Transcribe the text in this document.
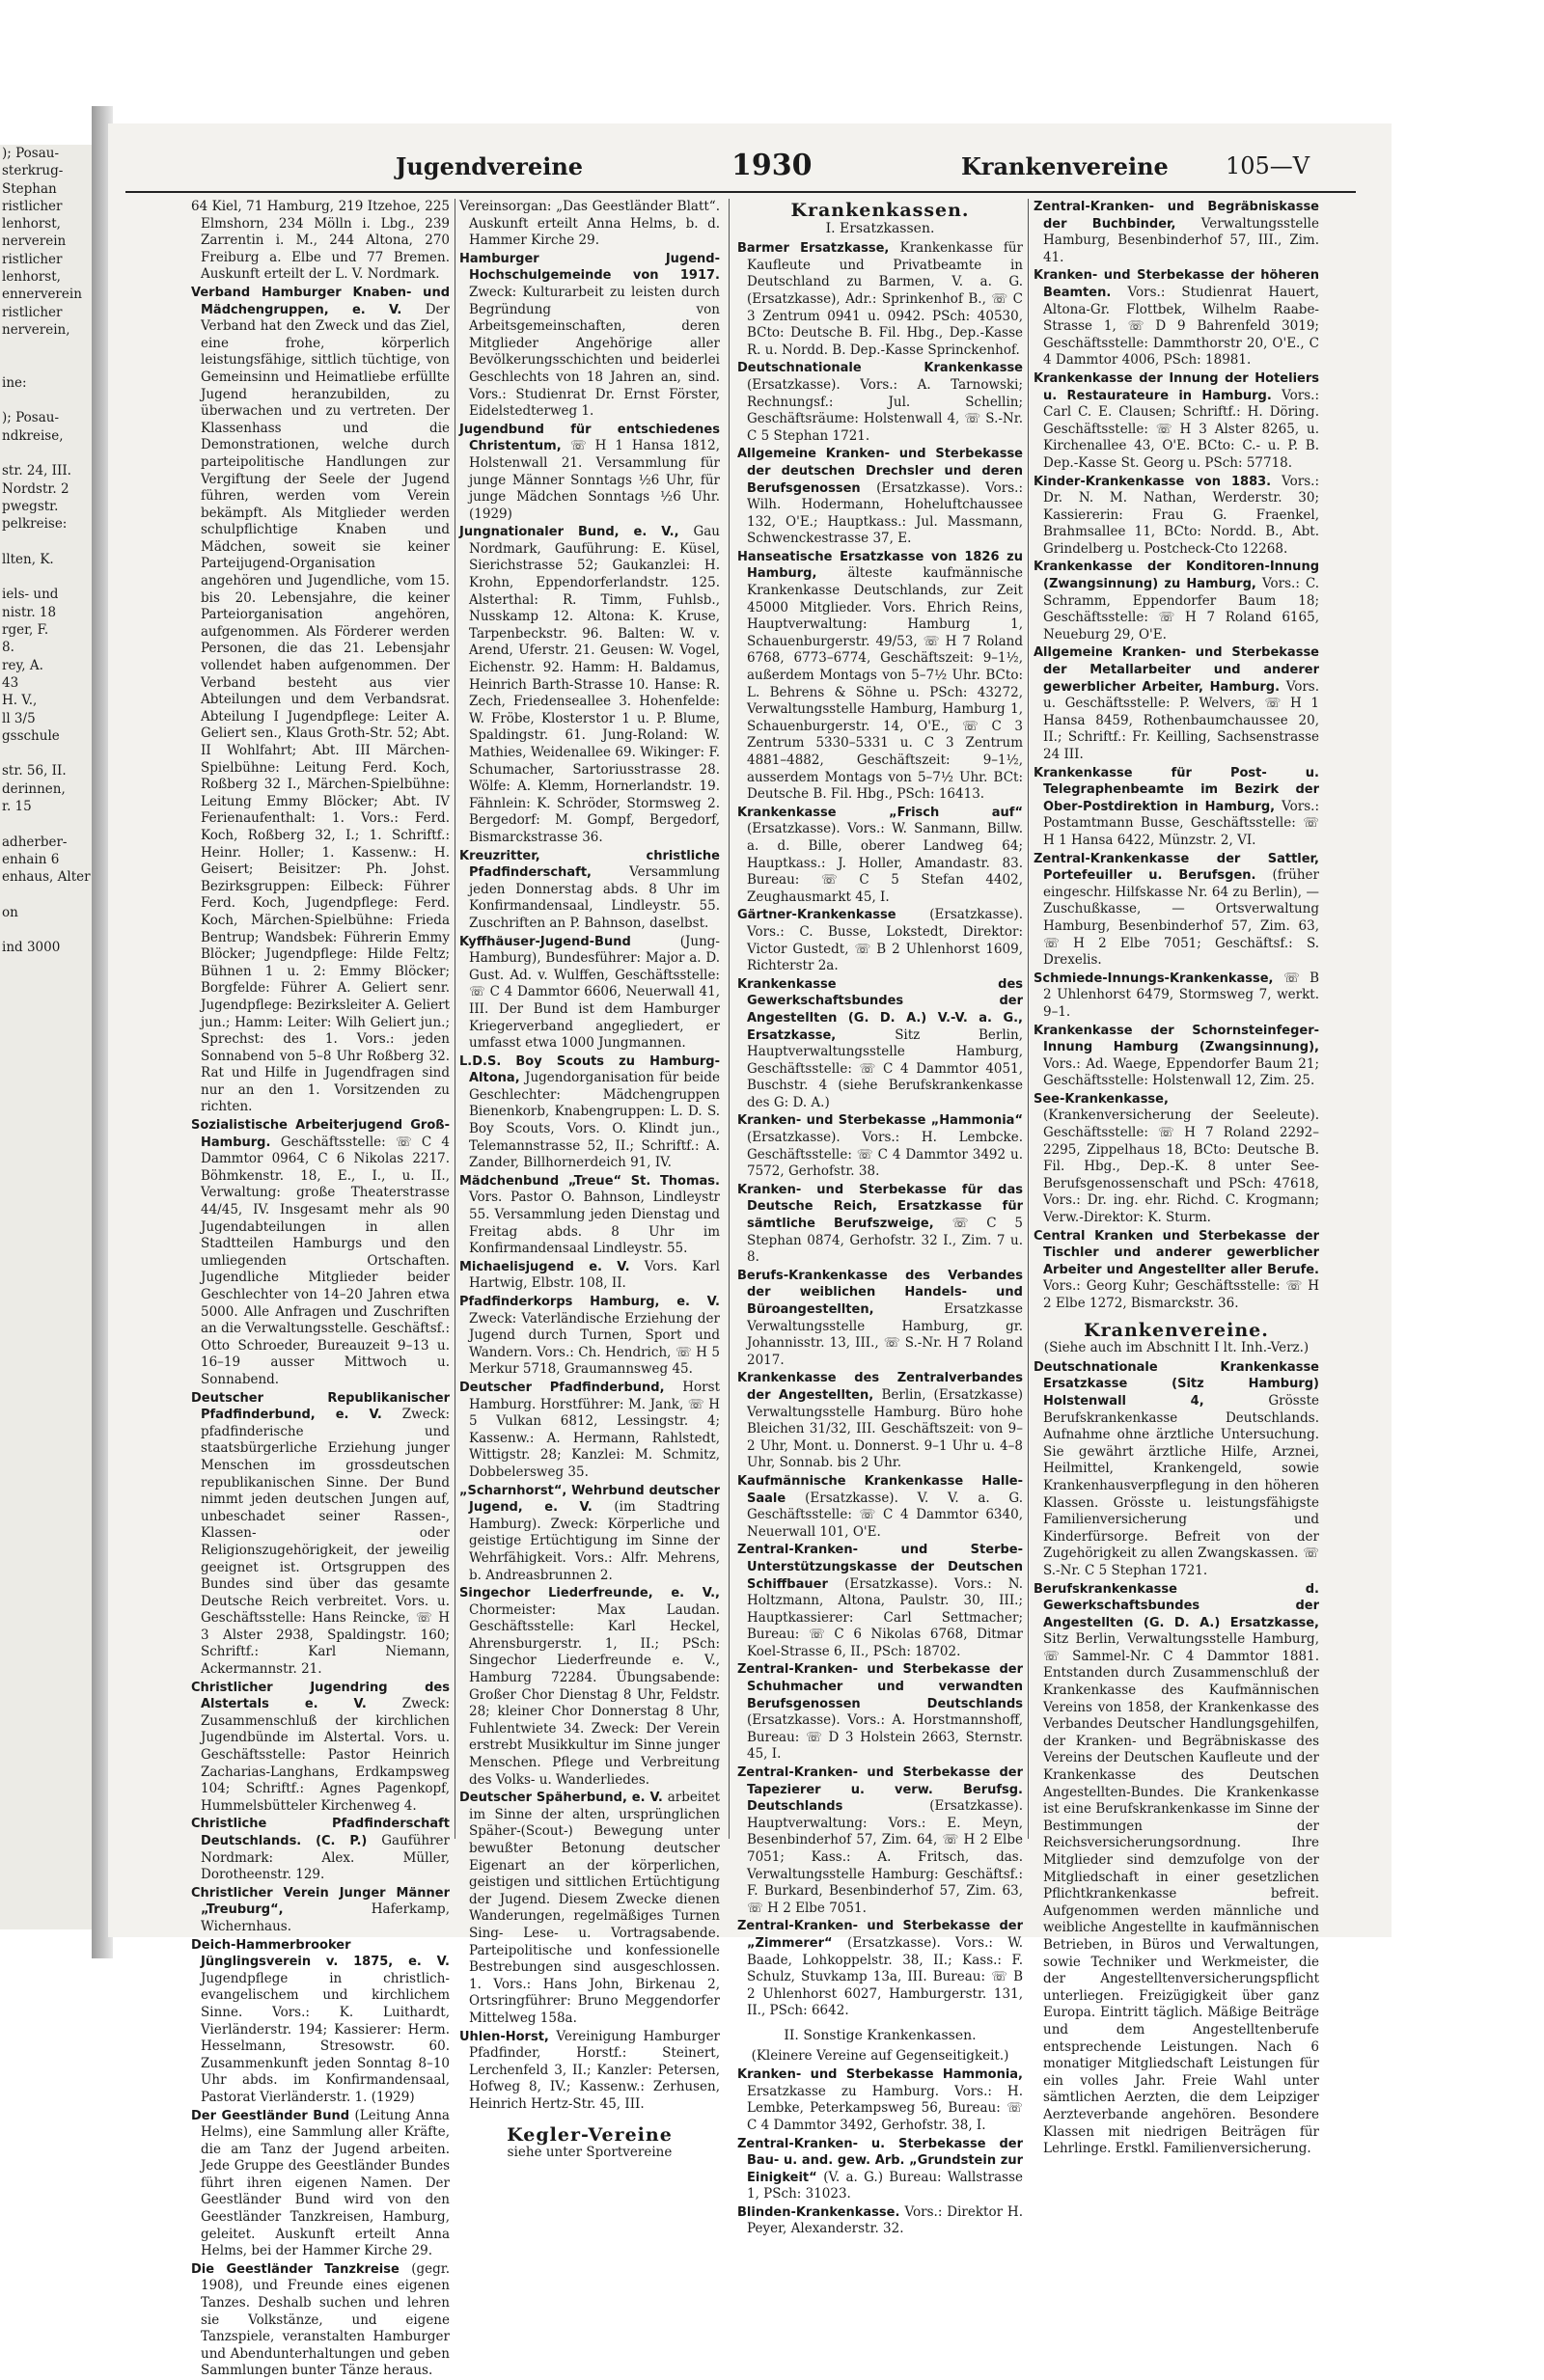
); Posau-
sterkrug-
Stephan
ristlicher
lenhorst,
nerverein
ristlicher
lenhorst,
ennerverein
ristlicher
nerverein,

ine:

); Posau-
ndkreise,

str. 24, III.
Nordstr. 2
pwegstr.
pelkreise:

llten, K.

iels- und
nistr. 18
rger, F.
8.
rey, A.
43
H. V.,
ll 3/5
gsschule

str. 56, II.
derinnen,
r. 15

adherber-
enhain 6
enhaus, Alter

on

ind 3000
Jugendvereine	1930	Krankenvereine 105—V
64 Kiel, 71 Hamburg, 219 Itzehoe, 225 Elmshorn, 234 Mölln i. Lbg., 239 Zarrentin i. M., 244 Altona, 270 Freiburg a. Elbe und 77 Bremen. Auskunft erteilt der L. V. Nordmark.
Verband Hamburger Knaben- und Mädchengruppen, e. V. Der Verband hat den Zweck und das Ziel, eine frohe, körperlich leistungsfähige, sittlich tüchtige, von Gemeinsinn und Heimatliebe erfüllte Jugend heranzubilden, zu überwachen und zu vertreten. Der Klassenhass und die Demonstrationen, welche durch parteipolitische Handlungen zur Vergiftung der Seele der Jugend führen, werden vom Verein bekämpft. Als Mitglieder werden schulpflichtige Knaben und Mädchen, soweit sie keiner Parteijugend-Organisation angehören und Jugendliche, vom 15. bis 20. Lebensjahre, die keiner Parteiorganisation angehören, aufgenommen. Als Förderer werden Personen, die das 21. Lebensjahr vollendet haben aufgenommen. Der Verband besteht aus vier Abteilungen und dem Verbandsrat. Abteilung I Jugendpflege: Leiter A. Geliert sen., Klaus Groth-Str. 52; Abt. II Wohlfahrt; Abt. III Märchen-Spielbühne: Leitung Ferd. Koch, Roßberg 32 I., Märchen-Spielbühne: Leitung Emmy Blöcker; Abt. IV Ferienaufenthalt: 1. Vors.: Ferd. Koch, Roßberg 32, I.; 1. Schriftf.: Heinr. Holler; 1. Kassenw.: H. Geisert; Beisitzer: Ph. Johst. Bezirksgruppen: Eilbeck: Führer Ferd. Koch, Jugendpflege: Ferd. Koch, Märchen-Spielbühne: Frieda Bentrup; Wandsbek: Führerin Emmy Blöcker; Jugendpflege: Hilde Feltz; Bühnen 1 u. 2: Emmy Blöcker; Borgfelde: Führer A. Geliert senr. Jugendpflege: Bezirksleiter A. Geliert jun.; Hamm: Leiter: Wilh Geliert jun.; Sprechst: des 1. Vors.: jeden Sonnabend von 5–8 Uhr Roßberg 32. Rat und Hilfe in Jugendfragen sind nur an den 1. Vorsitzenden zu richten.
Sozialistische Arbeiterjugend Groß-Hamburg. Geschäftsstelle: ☏ C 4 Dammtor 0964, C 6 Nikolas 2217. Böhmkenstr. 18, E., I., u. II., Verwaltung: große Theaterstrasse 44/45, IV. Insgesamt mehr als 90 Jugendabteilungen in allen Stadtteilen Hamburgs und den umliegenden Ortschaften. Jugendliche Mitglieder beider Geschlechter von 14–20 Jahren etwa 5000. Alle Anfragen und Zuschriften an die Verwaltungsstelle. Geschäftsf.: Otto Schroeder, Bureauzeit 9–13 u. 16–19 ausser Mittwoch u. Sonnabend.
Deutscher Republikanischer Pfadfinderbund, e. V. Zweck: pfadfinderische und staatsbürgerliche Erziehung junger Menschen im grossdeutschen republikanischen Sinne. Der Bund nimmt jeden deutschen Jungen auf, unbeschadet seiner Rassen-, Klassen- oder Religionszugehörigkeit, der jeweilig geeignet ist. Ortsgruppen des Bundes sind über das gesamte Deutsche Reich verbreitet. Vors. u. Geschäftsstelle: Hans Reincke, ☏ H 3 Alster 2938, Spaldingstr. 160; Schriftf.: Karl Niemann, Ackermannstr. 21.
Christlicher Jugendring des Alstertals e. V. Zweck: Zusammenschluß der kirchlichen Jugendbünde im Alstertal. Vors. u. Geschäftsstelle: Pastor Heinrich Zacharias-Langhans, Erdkampsweg 104; Schriftf.: Agnes Pagenkopf, Hummelsbütteler Kirchenweg 4.
Christliche Pfadfinderschaft Deutschlands. (C. P.) Gauführer Nordmark: Alex. Müller, Dorotheenstr. 129.
Christlicher Verein Junger Männer „Treuburg“, Haferkamp, Wichernhaus.
Deich-Hammerbrooker Jünglingsverein v. 1875, e. V. Jugendpflege in christlich-evangelischem und kirchlichem Sinne. Vors.: K. Luithardt, Vierländerstr. 194; Kassierer: Herm. Hesselmann, Stresowstr. 60. Zusammenkunft jeden Sonntag 8–10 Uhr abds. im Konfirmandensaal, Pastorat Vierländerstr. 1. (1929)
Der Geestländer Bund (Leitung Anna Helms), eine Sammlung aller Kräfte, die am Tanz der Jugend arbeiten. Jede Gruppe des Geestländer Bundes führt ihren eigenen Namen. Der Geestländer Bund wird von den Geestländer Tanzkreisen, Hamburg, geleitet. Auskunft erteilt Anna Helms, bei der Hammer Kirche 29.
Die Geestländer Tanzkreise (gegr. 1908), und Freunde eines eigenen Tanzes. Deshalb suchen und lehren sie Volkstänze, und eigene Tanzspiele, veranstalten Hamburger und Abendunterhaltungen und geben Sammlungen bunter Tänze heraus.
Vereinsorgan: „Das Geestländer Blatt“. Auskunft erteilt Anna Helms, b. d. Hammer Kirche 29.
Hamburger Jugend-Hochschulgemeinde von 1917. Zweck: Kulturarbeit zu leisten durch Begründung von Arbeitsgemeinschaften, deren Mitglieder Angehörige aller Bevölkerungsschichten und beiderlei Geschlechts von 18 Jahren an, sind. Vors.: Studienrat Dr. Ernst Förster, Eidelstedterweg 1.
Jugendbund für entschiedenes Christentum, ☏ H 1 Hansa 1812, Holstenwall 21. Versammlung für junge Männer Sonntags ½6 Uhr, für junge Mädchen Sonntags ½6 Uhr. (1929)
Jungnationaler Bund, e. V., Gau Nordmark, Gauführung: E. Küsel, Sierichstrasse 52; Gaukanzlei: H. Krohn, Eppendorferlandstr. 125. Alsterthal: R. Timm, Fuhlsb., Nusskamp 12. Altona: K. Kruse, Tarpenbeckstr. 96. Balten: W. v. Arend, Uferstr. 21. Geusen: W. Vogel, Eichenstr. 92. Hamm: H. Baldamus, Heinrich Barth-Strasse 10. Hanse: R. Zech, Friedenseallee 3. Hohenfelde: W. Fröbe, Klosterstor 1 u. P. Blume, Spaldingstr. 61. Jung-Roland: W. Mathies, Weidenallee 69. Wikinger: F. Schumacher, Sartoriusstrasse 28. Wölfe: A. Klemm, Hornerlandstr. 19. Fähnlein: K. Schröder, Stormsweg 2. Bergedorf: M. Gompf, Bergedorf, Bismarckstrasse 36.
Kreuzritter, christliche Pfadfinderschaft, Versammlung jeden Donnerstag abds. 8 Uhr im Konfirmandensaal, Lindleystr. 55. Zuschriften an P. Bahnson, daselbst.
Kyffhäuser-Jugend-Bund (Jung-Hamburg), Bundesführer: Major a. D. Gust. Ad. v. Wulffen, Geschäftsstelle: ☏ C 4 Dammtor 6606, Neuerwall 41, III. Der Bund ist dem Hamburger Kriegerverband angegliedert, er umfasst etwa 1000 Jungmannen.
L.D.S. Boy Scouts zu Hamburg-Altona, Jugendorganisation für beide Geschlechter: Mädchengruppen Bienenkorb, Knabengruppen: L. D. S. Boy Scouts, Vors. O. Klindt jun., Telemannstrasse 52, II.; Schriftf.: A. Zander, Billhornerdeich 91, IV.
Mädchenbund „Treue“ St. Thomas. Vors. Pastor O. Bahnson, Lindleystr 55. Versammlung jeden Dienstag und Freitag abds. 8 Uhr im Konfirmandensaal Lindleystr. 55.
Michaelisjugend e. V. Vors. Karl Hartwig, Elbstr. 108, II.
Pfadfinderkorps Hamburg, e. V. Zweck: Vaterländische Erziehung der Jugend durch Turnen, Sport und Wandern. Vors.: Ch. Hendrich, ☏ H 5 Merkur 5718, Graumannsweg 45.
Deutscher Pfadfinderbund, Horst Hamburg. Horstführer: M. Jank, ☏ H 5 Vulkan 6812, Lessingstr. 4; Kassenw.: A. Hermann, Rahlstedt, Wittigstr. 28; Kanzlei: M. Schmitz, Dobbelersweg 35.
„Scharnhorst“, Wehrbund deutscher Jugend, e. V. (im Stadtring Hamburg). Zweck: Körperliche und geistige Ertüchtigung im Sinne der Wehrfähigkeit. Vors.: Alfr. Mehrens, b. Andreasbrunnen 2.
Singechor Liederfreunde, e. V., Chormeister: Max Laudan. Geschäftsstelle: Karl Heckel, Ahrensburgerstr. 1, II.; PSch: Singechor Liederfreunde e. V., Hamburg 72284. Übungsabende: Großer Chor Dienstag 8 Uhr, Feldstr. 28; kleiner Chor Donnerstag 8 Uhr, Fuhlentwiete 34. Zweck: Der Verein erstrebt Musikkultur im Sinne junger Menschen. Pflege und Verbreitung des Volks- u. Wanderliedes.
Deutscher Späherbund, e. V. arbeitet im Sinne der alten, ursprünglichen Späher-(Scout-) Bewegung unter bewußter Betonung deutscher Eigenart an der körperlichen, geistigen und sittlichen Ertüchtigung der Jugend. Diesem Zwecke dienen Wanderungen, regelmäßiges Turnen Sing- Lese- u. Vortragsabende. Parteipolitische und konfessionelle Bestrebungen sind ausgeschlossen. 1. Vors.: Hans John, Birkenau 2, Ortsringführer: Bruno Meggendorfer Mittelweg 158a.
Uhlen-Horst, Vereinigung Hamburger Pfadfinder, Horstf.: Steinert, Lerchenfeld 3, II.; Kanzler: Petersen, Hofweg 8, IV.; Kassenw.: Zerhusen, Heinrich Hertz-Str. 45, III.
Kegler-Vereine
siehe unter Sportvereine
Krankenkassen.
I. Ersatzkassen.
Barmer Ersatzkasse, Krankenkasse für Kaufleute und Privatbeamte in Deutschland zu Barmen, V. a. G. (Ersatzkasse), Adr.: Sprinkenhof B., ☏ C 3 Zentrum 0941 u. 0942. PSch: 40530, BCto: Deutsche B. Fil. Hbg., Dep.-Kasse R. u. Nordd. B. Dep.-Kasse Sprinckenhof.
Deutschnationale Krankenkasse (Ersatzkasse). Vors.: A. Tarnowski; Rechnungsf.: Jul. Schellin; Geschäftsräume: Holstenwall 4, ☏ S.-Nr. C 5 Stephan 1721.
Allgemeine Kranken- und Sterbekasse der deutschen Drechsler und deren Berufsgenossen (Ersatzkasse). Vors.: Wilh. Hodermann, Hoheluftchaussee 132, O'E.; Hauptkass.: Jul. Massmann, Schwenckestrasse 37, E.
Hanseatische Ersatzkasse von 1826 zu Hamburg, älteste kaufmännische Krankenkasse Deutschlands, zur Zeit 45000 Mitglieder. Vors. Ehrich Reins, Hauptverwaltung: Hamburg 1, Schauenburgerstr. 49/53, ☏ H 7 Roland 6768, 6773–6774, Geschäftszeit: 9–1½, außerdem Montags von 5–7½ Uhr. BCto: L. Behrens & Söhne u. PSch: 43272, Verwaltungsstelle Hamburg, Hamburg 1, Schauenburgerstr. 14, O'E., ☏ C 3 Zentrum 5330–5331 u. C 3 Zentrum 4881–4882, Geschäftszeit: 9–1½, ausserdem Montags von 5–7½ Uhr. BCt: Deutsche B. Fil. Hbg., PSch: 16413.
Krankenkasse „Frisch auf“ (Ersatzkasse). Vors.: W. Sanmann, Billw. a. d. Bille, oberer Landweg 64; Hauptkass.: J. Holler, Amandastr. 83. Bureau: ☏ C 5 Stefan 4402, Zeughausmarkt 45, I.
Gärtner-Krankenkasse (Ersatzkasse). Vors.: C. Busse, Lokstedt, Direktor: Victor Gustedt, ☏ B 2 Uhlenhorst 1609, Richterstr 2a.
Krankenkasse des Gewerkschaftsbundes der Angestellten (G. D. A.) V.-V. a. G., Ersatzkasse, Sitz Berlin, Hauptverwaltungsstelle Hamburg, Geschäftsstelle: ☏ C 4 Dammtor 4051, Buschstr. 4 (siehe Berufskrankenkasse des G: D. A.)
Kranken- und Sterbekasse „Hammonia“ (Ersatzkasse). Vors.: H. Lembcke. Geschäftsstelle: ☏ C 4 Dammtor 3492 u. 7572, Gerhofstr. 38.
Kranken- und Sterbekasse für das Deutsche Reich, Ersatzkasse für sämtliche Berufszweige, ☏ C 5 Stephan 0874, Gerhofstr. 32 I., Zim. 7 u. 8.
Berufs-Krankenkasse des Verbandes der weiblichen Handels- und Büroangestellten, Ersatzkasse Verwaltungsstelle Hamburg, gr. Johannisstr. 13, III., ☏ S.-Nr. H 7 Roland 2017.
Krankenkasse des Zentralverbandes der Angestellten, Berlin, (Ersatzkasse) Verwaltungsstelle Hamburg. Büro hohe Bleichen 31/32, III. Geschäftszeit: von 9–2 Uhr, Mont. u. Donnerst. 9–1 Uhr u. 4–8 Uhr, Sonnab. bis 2 Uhr.
Kaufmännische Krankenkasse Halle-Saale (Ersatzkasse). V. V. a. G. Geschäftsstelle: ☏ C 4 Dammtor 6340, Neuerwall 101, O'E.
Zentral-Kranken- und Sterbe-Unterstützungskasse der Deutschen Schiffbauer (Ersatzkasse). Vors.: N. Holtzmann, Altona, Paulstr. 30, III.; Hauptkassierer: Carl Settmacher; Bureau: ☏ C 6 Nikolas 6768, Ditmar Koel-Strasse 6, II., PSch: 18702.
Zentral-Kranken- und Sterbekasse der Schuhmacher und verwandten Berufsgenossen Deutschlands (Ersatzkasse). Vors.: A. Horstmannshoff, Bureau: ☏ D 3 Holstein 2663, Sternstr. 45, I.
Zentral-Kranken- und Sterbekasse der Tapezierer u. verw. Berufsg. Deutschlands (Ersatzkasse). Hauptverwaltung: Vors.: E. Meyn, Besenbinderhof 57, Zim. 64, ☏ H 2 Elbe 7051; Kass.: A. Fritsch, das. Verwaltungsstelle Hamburg: Geschäftsf.: F. Burkard, Besenbinderhof 57, Zim. 63, ☏ H 2 Elbe 7051.
Zentral-Kranken- und Sterbekasse der „Zimmerer“ (Ersatzkasse). Vors.: W. Baade, Lohkoppelstr. 38, II.; Kass.: F. Schulz, Stuvkamp 13a, III. Bureau: ☏ B 2 Uhlenhorst 6027, Hamburgerstr. 131, II., PSch: 6642.
II. Sonstige Krankenkassen.
(Kleinere Vereine auf Gegenseitigkeit.)
Kranken- und Sterbekasse Hammonia, Ersatzkasse zu Hamburg. Vors.: H. Lembke, Peterkampsweg 56, Bureau: ☏ C 4 Dammtor 3492, Gerhofstr. 38, I.
Zentral-Kranken- u. Sterbekasse der Bau- u. and. gew. Arb. „Grundstein zur Einigkeit“ (V. a. G.) Bureau: Wallstrasse 1, PSch: 31023.
Blinden-Krankenkasse. Vors.: Direktor H. Peyer, Alexanderstr. 32.
Zentral-Kranken- und Begräbniskasse der Buchbinder, Verwaltungsstelle Hamburg, Besenbinderhof 57, III., Zim. 41.
Kranken- und Sterbekasse der höheren Beamten. Vors.: Studienrat Hauert, Altona-Gr. Flottbek, Wilhelm Raabe-Strasse 1, ☏ D 9 Bahrenfeld 3019; Geschäftsstelle: Dammthorstr 20, O'E., C 4 Dammtor 4006, PSch: 18981.
Krankenkasse der Innung der Hoteliers u. Restaurateure in Hamburg. Vors.: Carl C. E. Clausen; Schriftf.: H. Döring. Geschäftsstelle: ☏ H 3 Alster 8265, u. Kirchenallee 43, O'E. BCto: C.- u. P. B. Dep.-Kasse St. Georg u. PSch: 57718.
Kinder-Krankenkasse von 1883. Vors.: Dr. N. M. Nathan, Werderstr. 30; Kassiererin: Frau G. Fraenkel, Brahmsallee 11, BCto: Nordd. B., Abt. Grindelberg u. Postcheck-Cto 12268.
Krankenkasse der Konditoren-Innung (Zwangsinnung) zu Hamburg, Vors.: C. Schramm, Eppendorfer Baum 18; Geschäftsstelle: ☏ H 7 Roland 6165, Neueburg 29, O'E.
Allgemeine Kranken- und Sterbekasse der Metallarbeiter und anderer gewerblicher Arbeiter, Hamburg. Vors. u. Geschäftsstelle: P. Welvers, ☏ H 1 Hansa 8459, Rothenbaumchaussee 20, II.; Schriftf.: Fr. Keilling, Sachsenstrasse 24 III.
Krankenkasse für Post- u. Telegraphenbeamte im Bezirk der Ober-Postdirektion in Hamburg, Vors.: Postamtmann Busse, Geschäftsstelle: ☏ H 1 Hansa 6422, Münzstr. 2, VI.
Zentral-Krankenkasse der Sattler, Portefeuiller u. Berufsgen. (früher eingeschr. Hilfskasse Nr. 64 zu Berlin), — Zuschußkasse, — Ortsverwaltung Hamburg, Besenbinderhof 57, Zim. 63, ☏ H 2 Elbe 7051; Geschäftsf.: S. Drexelis.
Schmiede-Innungs-Krankenkasse, ☏ B 2 Uhlenhorst 6479, Stormsweg 7, werkt. 9–1.
Krankenkasse der Schornsteinfeger-Innung Hamburg (Zwangsinnung), Vors.: Ad. Waege, Eppendorfer Baum 21; Geschäftsstelle: Holstenwall 12, Zim. 25.
See-Krankenkasse, (Krankenversicherung der Seeleute). Geschäftsstelle: ☏ H 7 Roland 2292–2295, Zippelhaus 18, BCto: Deutsche B. Fil. Hbg., Dep.-K. 8 unter See-Berufsgenossenschaft und PSch: 47618, Vors.: Dr. ing. ehr. Richd. C. Krogmann; Verw.-Direktor: K. Sturm.
Central Kranken und Sterbekasse der Tischler und anderer gewerblicher Arbeiter und Angestellter aller Berufe. Vors.: Georg Kuhr; Geschäftsstelle: ☏ H 2 Elbe 1272, Bismarckstr. 36.
Krankenvereine.
(Siehe auch im Abschnitt I lt. Inh.-Verz.)
Deutschnationale Krankenkasse Ersatzkasse (Sitz Hamburg) Holstenwall 4, Grösste Berufskrankenkasse Deutschlands. Aufnahme ohne ärztliche Untersuchung. Sie gewährt ärztliche Hilfe, Arznei, Heilmittel, Krankengeld, sowie Krankenhausverpflegung in den höheren Klassen. Grösste u. leistungsfähigste Familienversicherung und Kinderfürsorge. Befreit von der Zugehörigkeit zu allen Zwangskassen. ☏ S.-Nr. C 5 Stephan 1721.
Berufskrankenkasse d. Gewerkschaftsbundes der Angestellten (G. D. A.) Ersatzkasse, Sitz Berlin, Verwaltungsstelle Hamburg, ☏ Sammel-Nr. C 4 Dammtor 1881. Entstanden durch Zusammenschluß der Krankenkasse des Kaufmännischen Vereins von 1858, der Krankenkasse des Verbandes Deutscher Handlungsgehilfen, der Kranken- und Begräbniskasse des Vereins der Deutschen Kaufleute und der Krankenkasse des Deutschen Angestellten-Bundes. Die Krankenkasse ist eine Berufskrankenkasse im Sinne der Bestimmungen der Reichsversicherungsordnung. Ihre Mitglieder sind demzufolge von der Mitgliedschaft in einer gesetzlichen Pflichtkrankenkasse befreit. Aufgenommen werden männliche und weibliche Angestellte in kaufmännischen Betrieben, in Büros und Verwaltungen, sowie Techniker und Werkmeister, die der Angestelltenversicherungspflicht unterliegen. Freizügigkeit über ganz Europa. Eintritt täglich. Mäßige Beiträge und dem Angestelltenberufe entsprechende Leistungen. Nach 6 monatiger Mitgliedschaft Leistungen für ein volles Jahr. Freie Wahl unter sämtlichen Aerzten, die dem Leipziger Aerzteverbande angehören. Besondere Klassen mit niedrigen Beiträgen für Lehrlinge. Erstkl. Familienversicherung.
